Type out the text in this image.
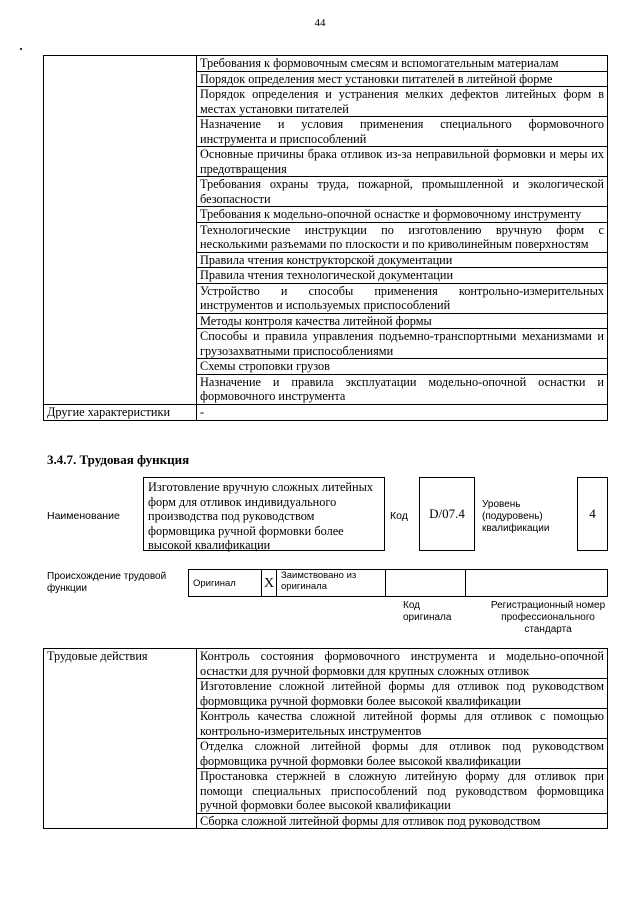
44
	Требования к формовочным смесям и вспомогательным материалам
	Порядок определения мест установки питателей в литейной форме
	Порядок определения и устранения мелких дефектов литейных форм в местах установки питателей
	Назначение и условия применения специального формовочного инструмента и приспособлений
	Основные причины брака отливок из-за неправильной формовки и меры их предотвращения
	Требования охраны труда, пожарной, промышленной и экологической безопасности
	Требования к модельно-опочной оснастке и формовочному инструменту
	Технологические инструкции по изготовлению вручную форм с несколькими разъемами по плоскости и по криволинейным поверхностям
	Правила чтения конструкторской документации
	Правила чтения технологической документации
	Устройство и способы применения контрольно-измерительных инструментов и используемых приспособлений
	Методы контроля качества литейной формы
	Способы и правила управления подъемно-транспортными механизмами и грузозахватными приспособлениями
	Схемы строповки грузов
	Назначение и правила эксплуатации модельно-опочной оснастки и формовочного инструмента
Другие характеристики	-
3.4.7. Трудовая функция
Наименование
Изготовление вручную сложных литейных форм для отливок индивидуального производства под руководством формовщика ручной формовки более высокой квалификации
Код	D/07.4
Уровень (подуровень) квалификации
4
Происхождение трудовой функции	Оригинал	X	Заимствовано из оригинала		
Код оригинала
Регистрационный номер профессионального стандарта
Трудовые действия	Контроль состояния формовочного инструмента и модельно-опочной оснастки для ручной формовки для крупных сложных отливок
Изготовление сложной литейной формы для отливок под руководством формовщика ручной формовки более высокой квалификации
Контроль качества сложной литейной формы для отливок с помощью контрольно-измерительных инструментов
Отделка сложной литейной формы для отливок под руководством формовщика ручной формовки более высокой квалификации
Простановка стержней в сложную литейную форму для отливок при помощи специальных приспособлений под руководством формовщика ручной формовки более высокой квалификации
Сборка сложной литейной формы для отливок под руководством
